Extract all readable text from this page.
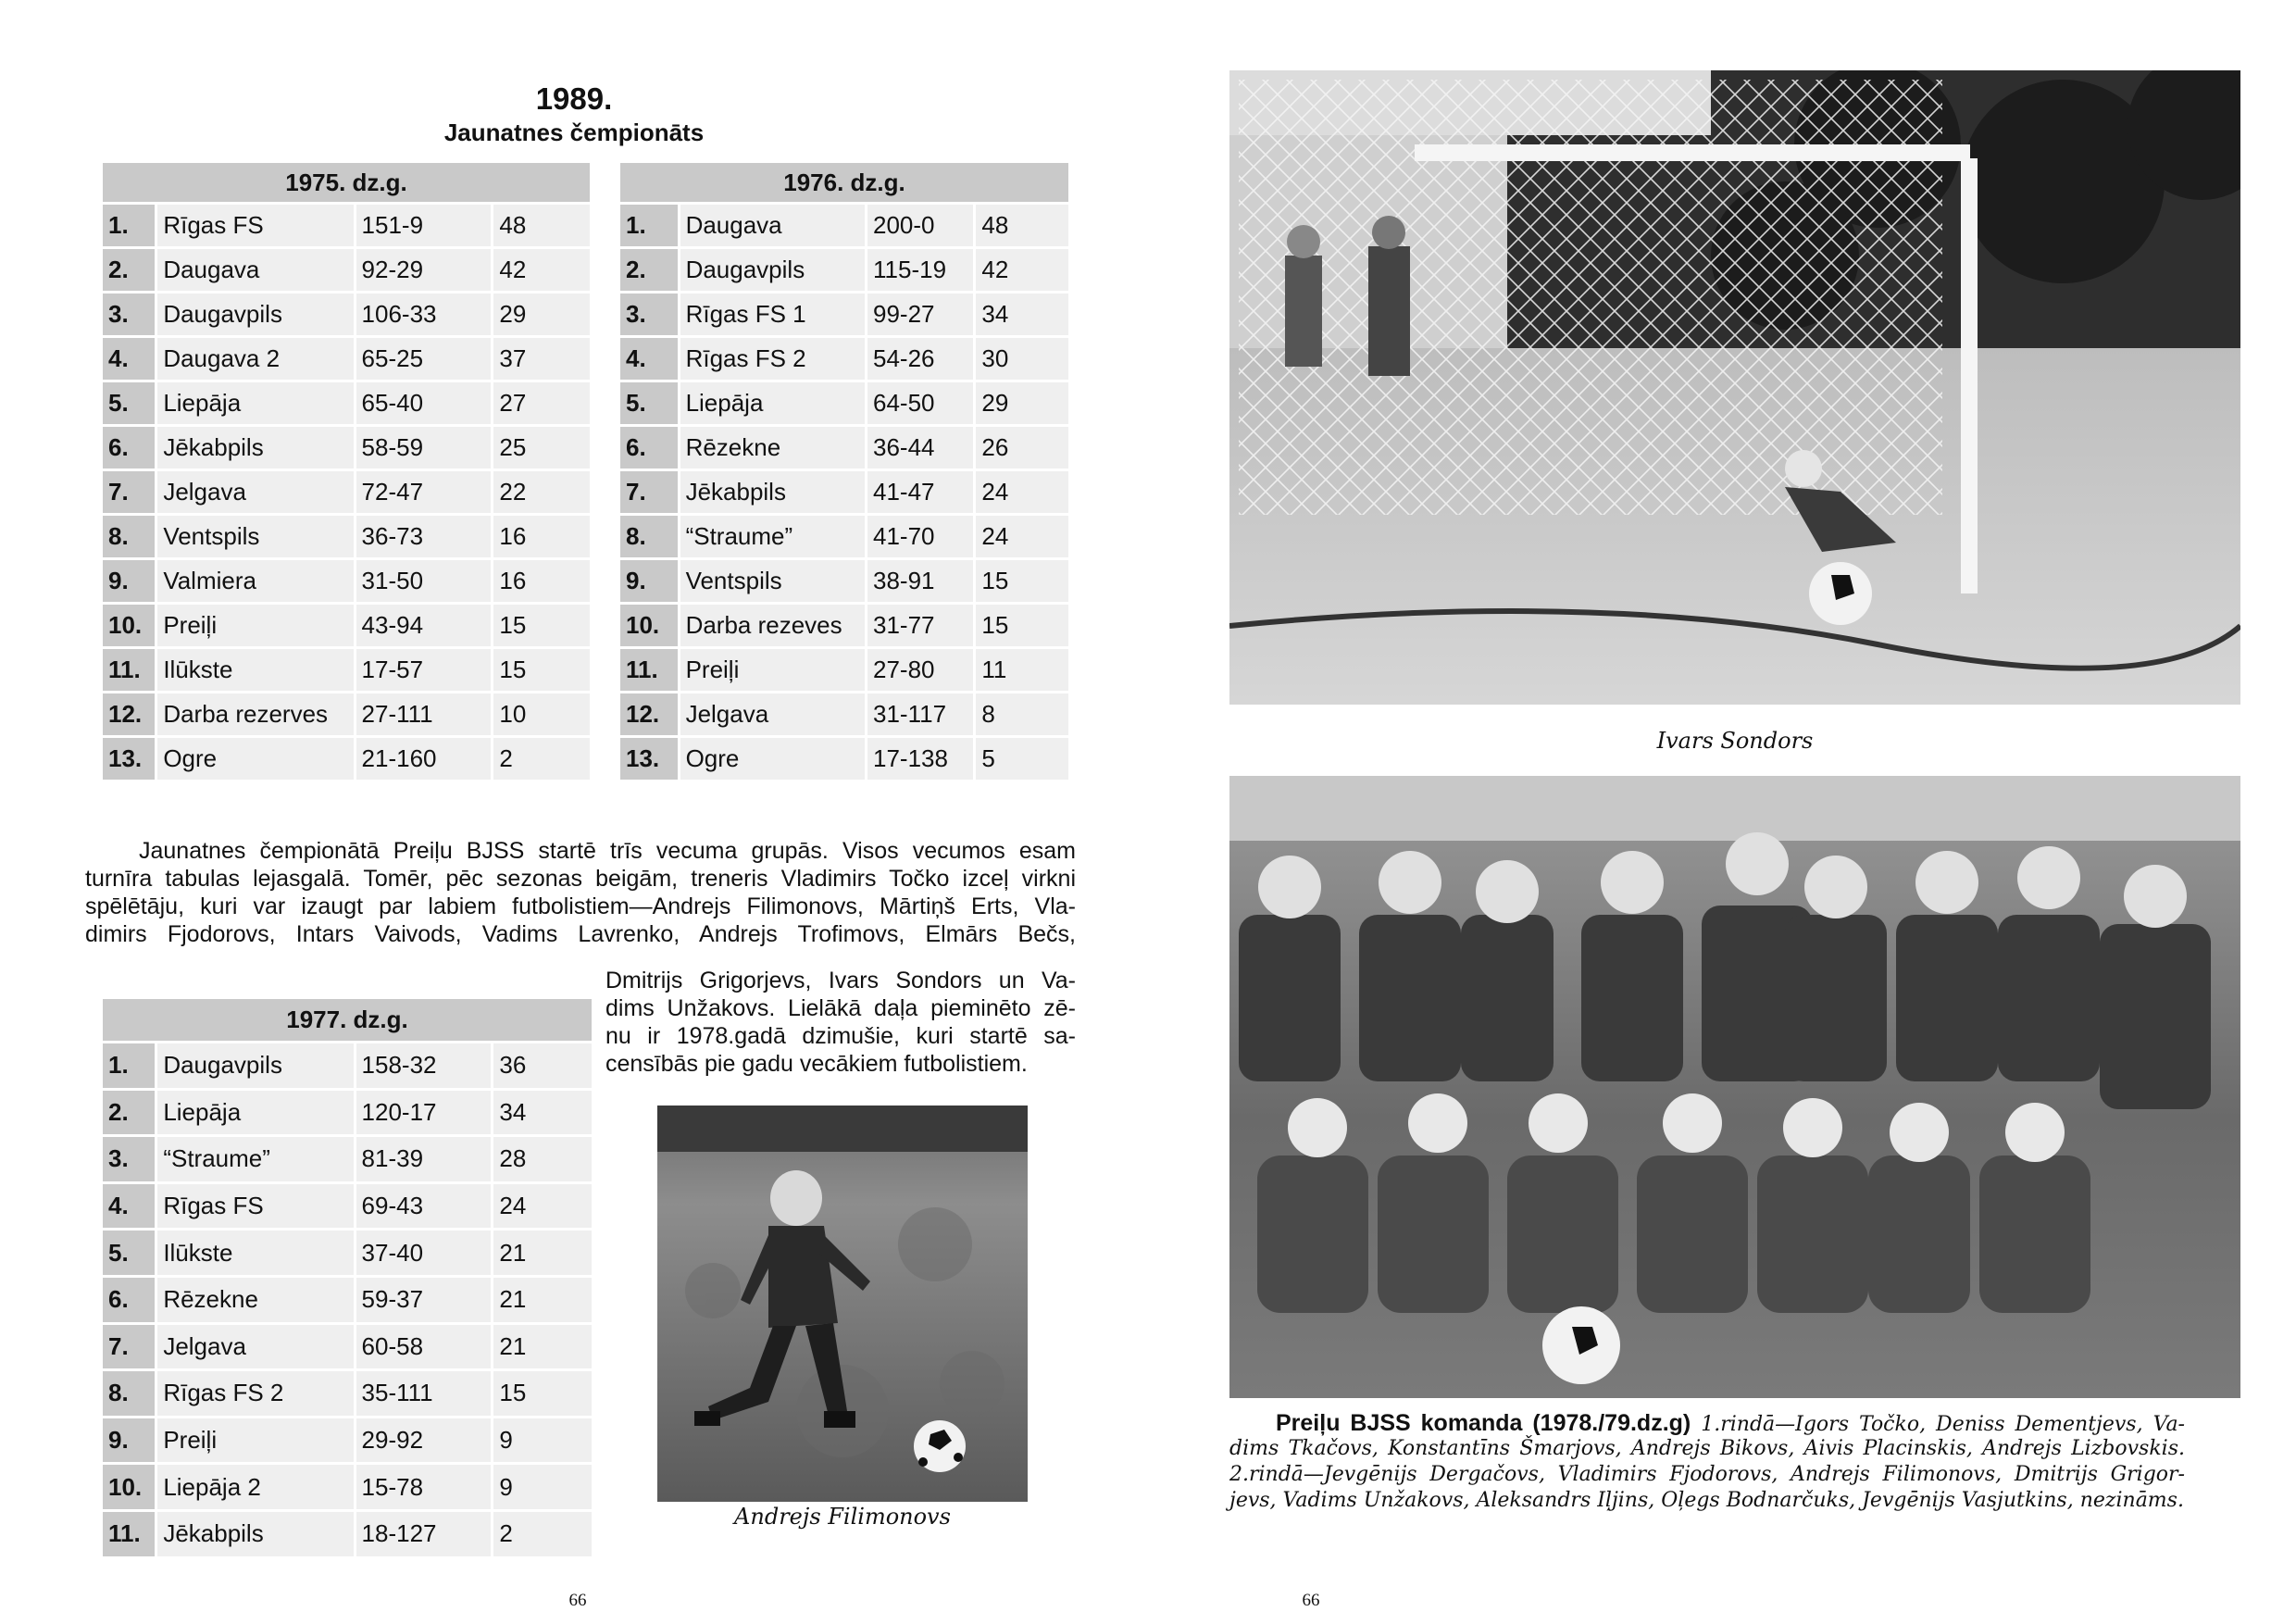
1989.
Jaunatnes čempionāts
1975. dz.g.			
1.	Rīgas FS	151-9	48
2.	Daugava	92-29	42
3.	Daugavpils	106-33	29
4.	Daugava 2	65-25	37
5.	Liepāja	65-40	27
6.	Jēkabpils	58-59	25
7.	Jelgava	72-47	22
8.	Ventspils	36-73	16
9.	Valmiera	31-50	16
10.	Preiļi	43-94	15
11.	Ilūkste	17-57	15
12.	Darba rezerves	27-111	10
13.	Ogre	21-160	2
1976. dz.g.			
1.	Daugava	200-0	48
2.	Daugavpils	115-19	42
3.	Rīgas FS 1	99-27	34
4.	Rīgas FS 2	54-26	30
5.	Liepāja	64-50	29
6.	Rēzekne	36-44	26
7.	Jēkabpils	41-47	24
8.	“Straume”	41-70	24
9.	Ventspils	38-91	15
10.	Darba rezeves	31-77	15
11.	Preiļi	27-80	11
12.	Jelgava	31-117	8
13.	Ogre	17-138	5
Jaunatnes čempionātā Preiļu BJSS startē trīs vecuma grupās. Visos vecumos esam
turnīra tabulas lejasgalā. Tomēr, pēc sezonas beigām, treneris Vladimirs Točko izceļ virkni
spēlētāju, kuri var izaugt par labiem futbolistiem—Andrejs Filimonovs, Mārtiņš Erts, Vla-
dimirs Fjodorovs, Intars Vaivods, Vadims Lavrenko, Andrejs Trofimovs, Elmārs Bečs,
Dmitrijs Grigorjevs, Ivars Sondors un Va-
dims Unžakovs. Lielākā daļa pieminēto zē-
nu ir 1978.gadā dzimušie, kuri startē sa-
censībās pie gadu vecākiem futbolistiem.
1977. dz.g.			
1.	Daugavpils	158-32	36
2.	Liepāja	120-17	34
3.	“Straume”	81-39	28
4.	Rīgas FS	69-43	24
5.	Ilūkste	37-40	21
6.	Rēzekne	59-37	21
7.	Jelgava	60-58	21
8.	Rīgas FS 2	35-111	15
9.	Preiļi	29-92	9
10.	Liepāja 2	15-78	9
11.	Jēkabpils	18-127	2
Andrejs Filimonovs
66
Ivars Sondors
Preiļu BJSS komanda (1978./79.dz.g) 1.rindā—Igors Točko, Deniss Dementjevs, Va-
dims Tkačovs, Konstantīns Šmarjovs, Andrejs Bikovs, Aivis Placinskis, Andrejs Lizbovskis.
2.rindā—Jevgēnijs Dergačovs, Vladimirs Fjodorovs, Andrejs Filimonovs, Dmitrijs Grigor-
jevs, Vadims Unžakovs, Aleksandrs Iļjins, Oļegs Bodnarčuks, Jevgēnijs Vasjutkins, nezināms.
66
